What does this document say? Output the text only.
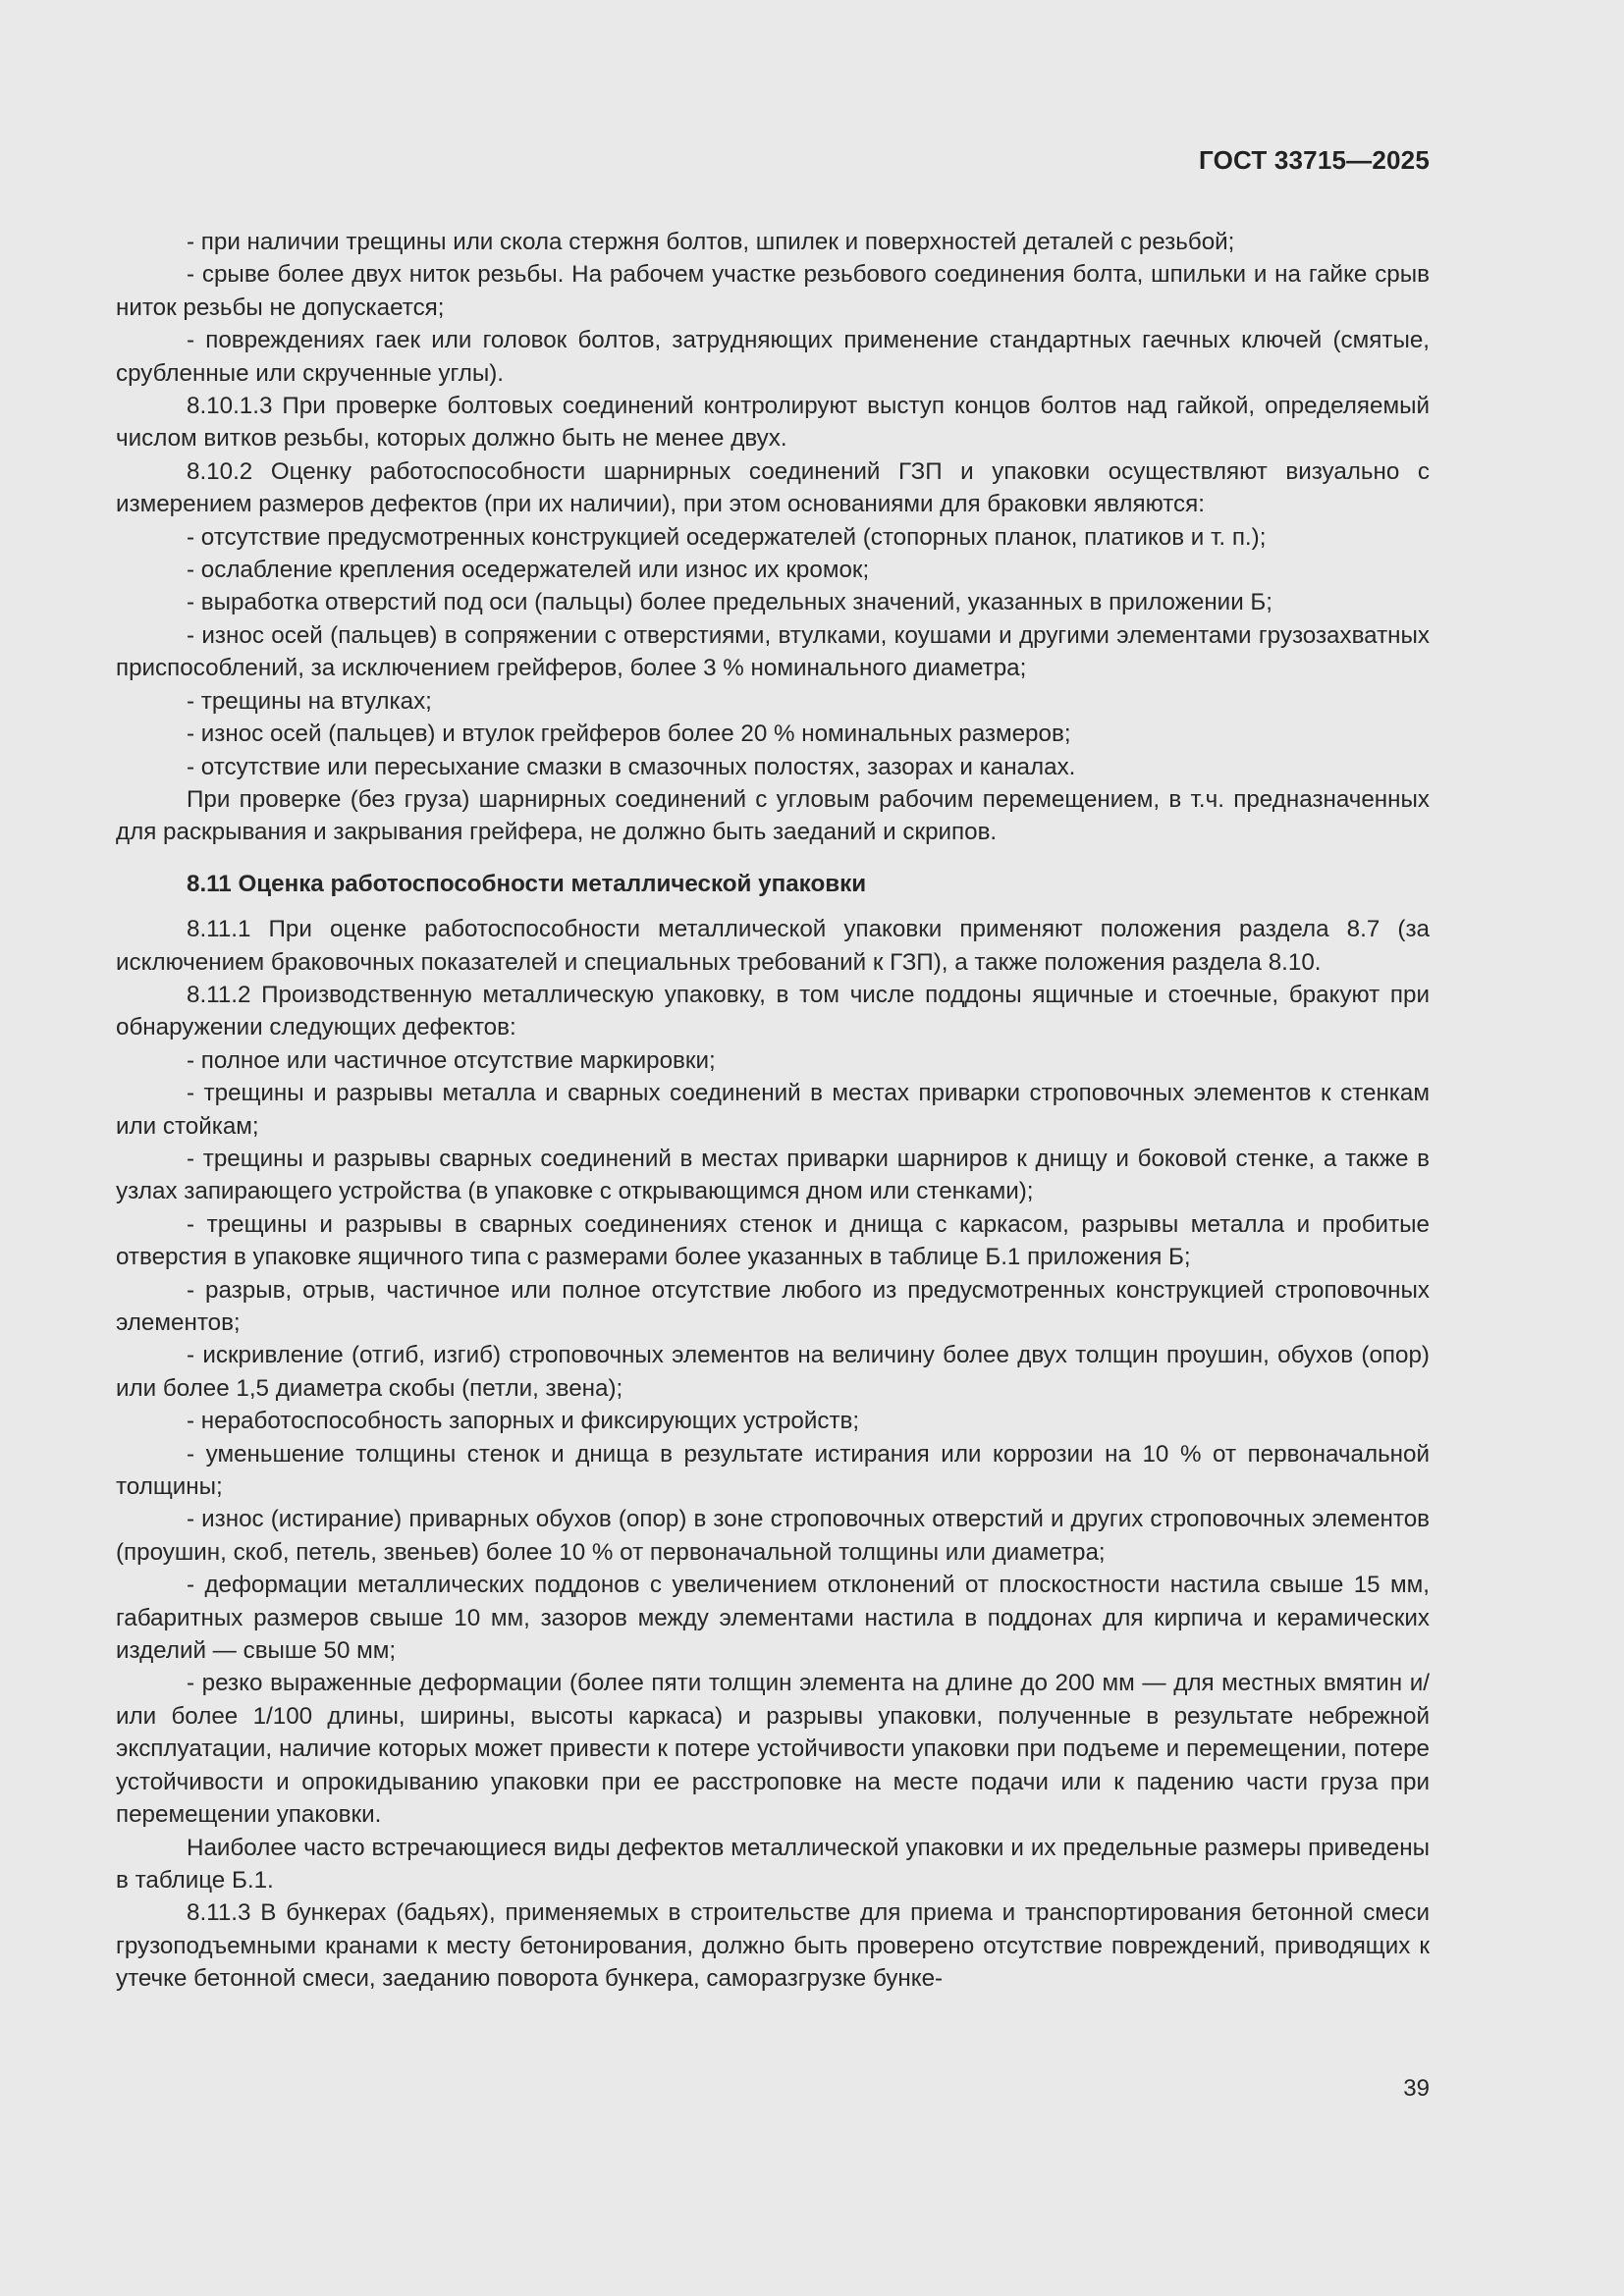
ГОСТ 33715—2025

- при наличии трещины или скола стержня болтов, шпилек и поверхностей деталей с резьбой;

- срыве более двух ниток резьбы. На рабочем участке резьбового соединения болта, шпильки и на гайке срыв ниток резьбы не допускается;

- повреждениях гаек или головок болтов, затрудняющих применение стандартных гаечных ключей (смятые, срубленные или скрученные углы).

8.10.1.3 При проверке болтовых соединений контролируют выступ концов болтов над гайкой, определяемый числом витков резьбы, которых должно быть не менее двух.

8.10.2 Оценку работоспособности шарнирных соединений ГЗП и упаковки осуществляют визуально с измерением размеров дефектов (при их наличии), при этом основаниями для браковки являются:

- отсутствие предусмотренных конструкцией оседержателей (стопорных планок, платиков и т. п.);

- ослабление крепления оседержателей или износ их кромок;

- выработка отверстий под оси (пальцы) более предельных значений, указанных в приложении Б;

- износ осей (пальцев) в сопряжении с отверстиями, втулками, коушами и другими элементами грузозахватных приспособлений, за исключением грейферов, более 3 % номинального диаметра;

- трещины на втулках;

- износ осей (пальцев) и втулок грейферов более 20 % номинальных размеров;

- отсутствие или пересыхание смазки в смазочных полостях, зазорах и каналах.

При проверке (без груза) шарнирных соединений с угловым рабочим перемещением, в т.ч. предназначенных для раскрывания и закрывания грейфера, не должно быть заеданий и скрипов.

8.11 Оценка работоспособности металлической упаковки

8.11.1 При оценке работоспособности металлической упаковки применяют положения раздела 8.7 (за исключением браковочных показателей и специальных требований к ГЗП), а также положения раздела 8.10.

8.11.2 Производственную металлическую упаковку, в том числе поддоны ящичные и стоечные, бракуют при обнаружении следующих дефектов:

- полное или частичное отсутствие маркировки;

- трещины и разрывы металла и сварных соединений в местах приварки строповочных элементов к стенкам или стойкам;

- трещины и разрывы сварных соединений в местах приварки шарниров к днищу и боковой стенке, а также в узлах запирающего устройства (в упаковке с открывающимся дном или стенками);

- трещины и разрывы в сварных соединениях стенок и днища с каркасом, разрывы металла и пробитые отверстия в упаковке ящичного типа с размерами более указанных в таблице Б.1 приложения Б;

- разрыв, отрыв, частичное или полное отсутствие любого из предусмотренных конструкцией строповочных элементов;

- искривление (отгиб, изгиб) строповочных элементов на величину более двух толщин проушин, обухов (опор) или более 1,5 диаметра скобы (петли, звена);

- неработоспособность запорных и фиксирующих устройств;

- уменьшение толщины стенок и днища в результате истирания или коррозии на 10 % от первоначальной толщины;

- износ (истирание) приварных обухов (опор) в зоне строповочных отверстий и других строповочных элементов (проушин, скоб, петель, звеньев) более 10 % от первоначальной толщины или диаметра;

- деформации металлических поддонов с увеличением отклонений от плоскостности настила свыше 15 мм, габаритных размеров свыше 10 мм, зазоров между элементами настила в поддонах для кирпича и керамических изделий — свыше 50 мм;

- резко выраженные деформации (более пяти толщин элемента на длине до 200 мм — для местных вмятин и/или более 1/100 длины, ширины, высоты каркаса) и разрывы упаковки, полученные в результате небрежной эксплуатации, наличие которых может привести к потере устойчивости упаковки при подъеме и перемещении, потере устойчивости и опрокидыванию упаковки при ее расстроповке на месте подачи или к падению части груза при перемещении упаковки.

Наиболее часто встречающиеся виды дефектов металлической упаковки и их предельные размеры приведены в таблице Б.1.

8.11.3 В бункерах (бадьях), применяемых в строительстве для приема и транспортирования бетонной смеси грузоподъемными кранами к месту бетонирования, должно быть проверено отсутствие повреждений, приводящих к утечке бетонной смеси, заеданию поворота бункера, саморазгрузке бунке-

39
